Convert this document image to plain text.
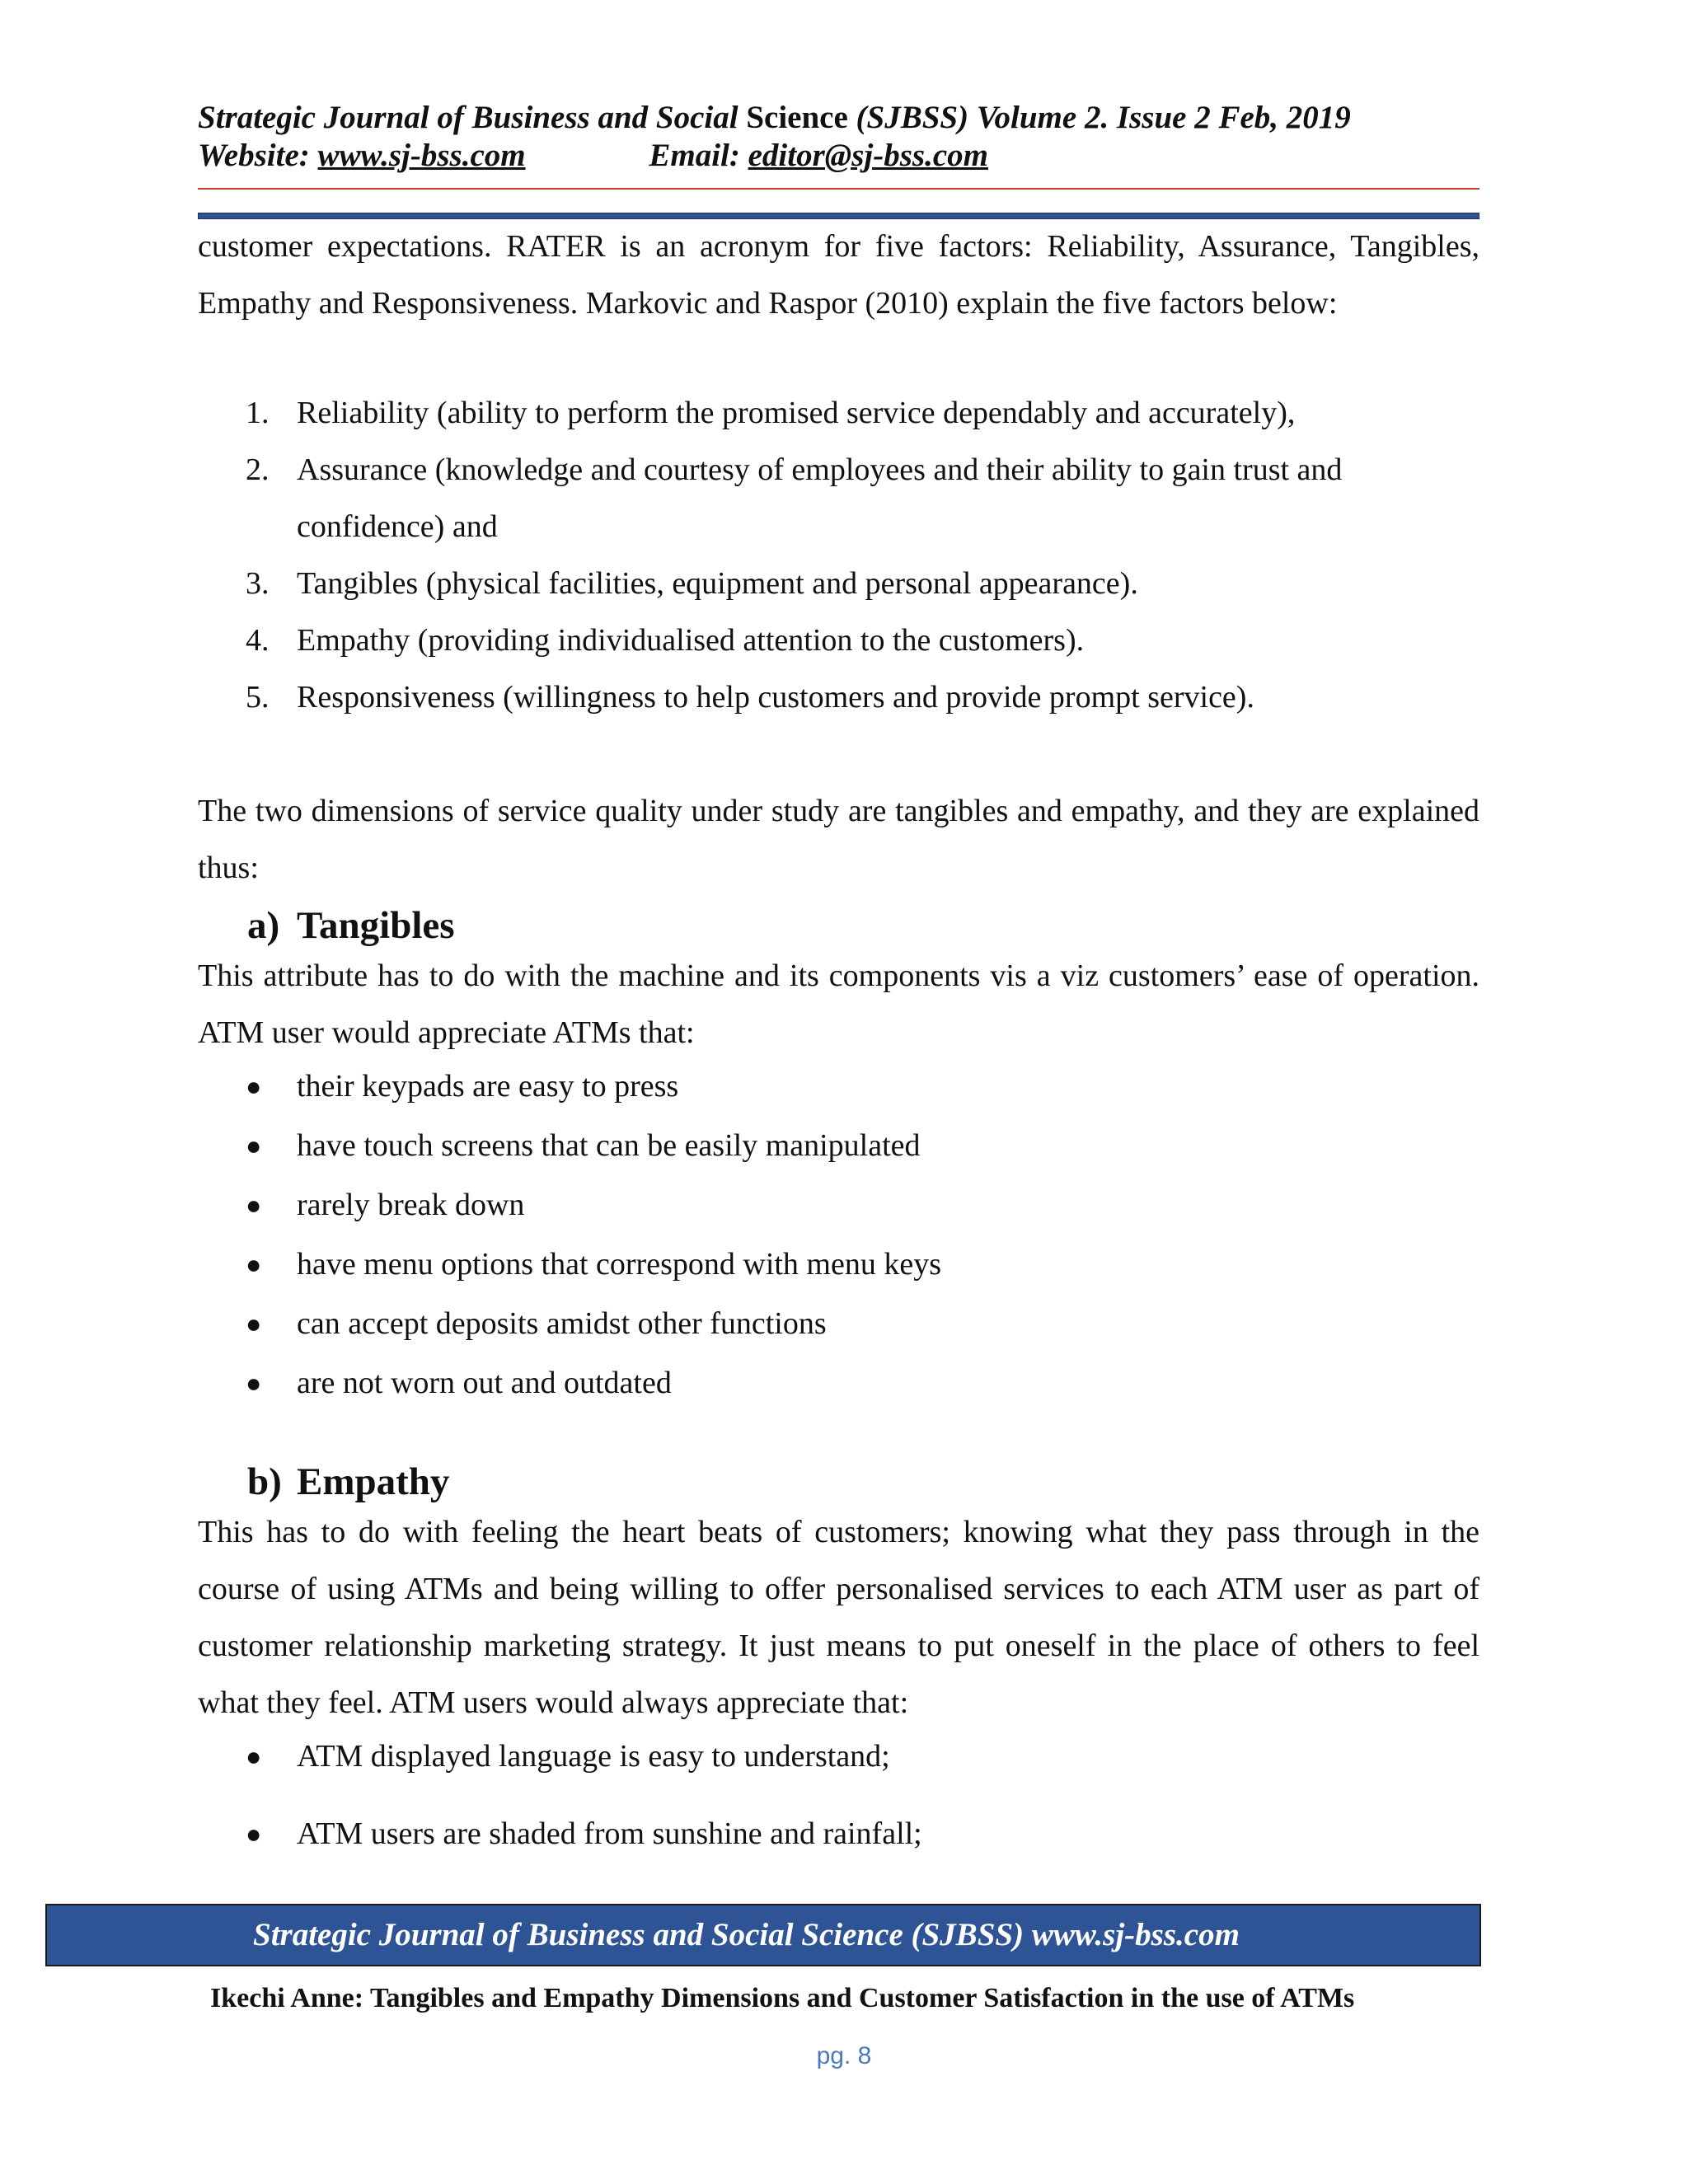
Strategic Journal of Business and Social Science (SJBSS) Volume 2. Issue 2 Feb, 2019
Website: www.sj-bss.com	Email: editor@sj-bss.com
customer expectations. RATER is an acronym for five factors: Reliability, Assurance, Tangibles, Empathy and Responsiveness. Markovic and Raspor (2010) explain the five factors below:
1. Reliability (ability to perform the promised service dependably and accurately),
2. Assurance (knowledge and courtesy of employees and their ability to gain trust and confidence) and
3. Tangibles (physical facilities, equipment and personal appearance).
4. Empathy (providing individualised attention to the customers).
5. Responsiveness (willingness to help customers and provide prompt service).
The two dimensions of service quality under study are tangibles and empathy, and they are explained thus:
a) Tangibles
This attribute has to do with the machine and its components vis a viz customers’ ease of operation. ATM user would appreciate ATMs that:
● their keypads are easy to press
● have touch screens that can be easily manipulated
● rarely break down
● have menu options that correspond with menu keys
● can accept deposits amidst other functions
● are not worn out and outdated
b) Empathy
This has to do with feeling the heart beats of customers; knowing what they pass through in the course of using ATMs and being willing to offer personalised services to each ATM user as part of customer relationship marketing strategy. It just means to put oneself in the place of others to feel what they feel. ATM users would always appreciate that:
● ATM displayed language is easy to understand;
● ATM users are shaded from sunshine and rainfall;
Strategic Journal of Business and Social Science (SJBSS) www.sj-bss.com
Ikechi Anne: Tangibles and Empathy Dimensions and Customer Satisfaction in the use of ATMs
pg. 8
